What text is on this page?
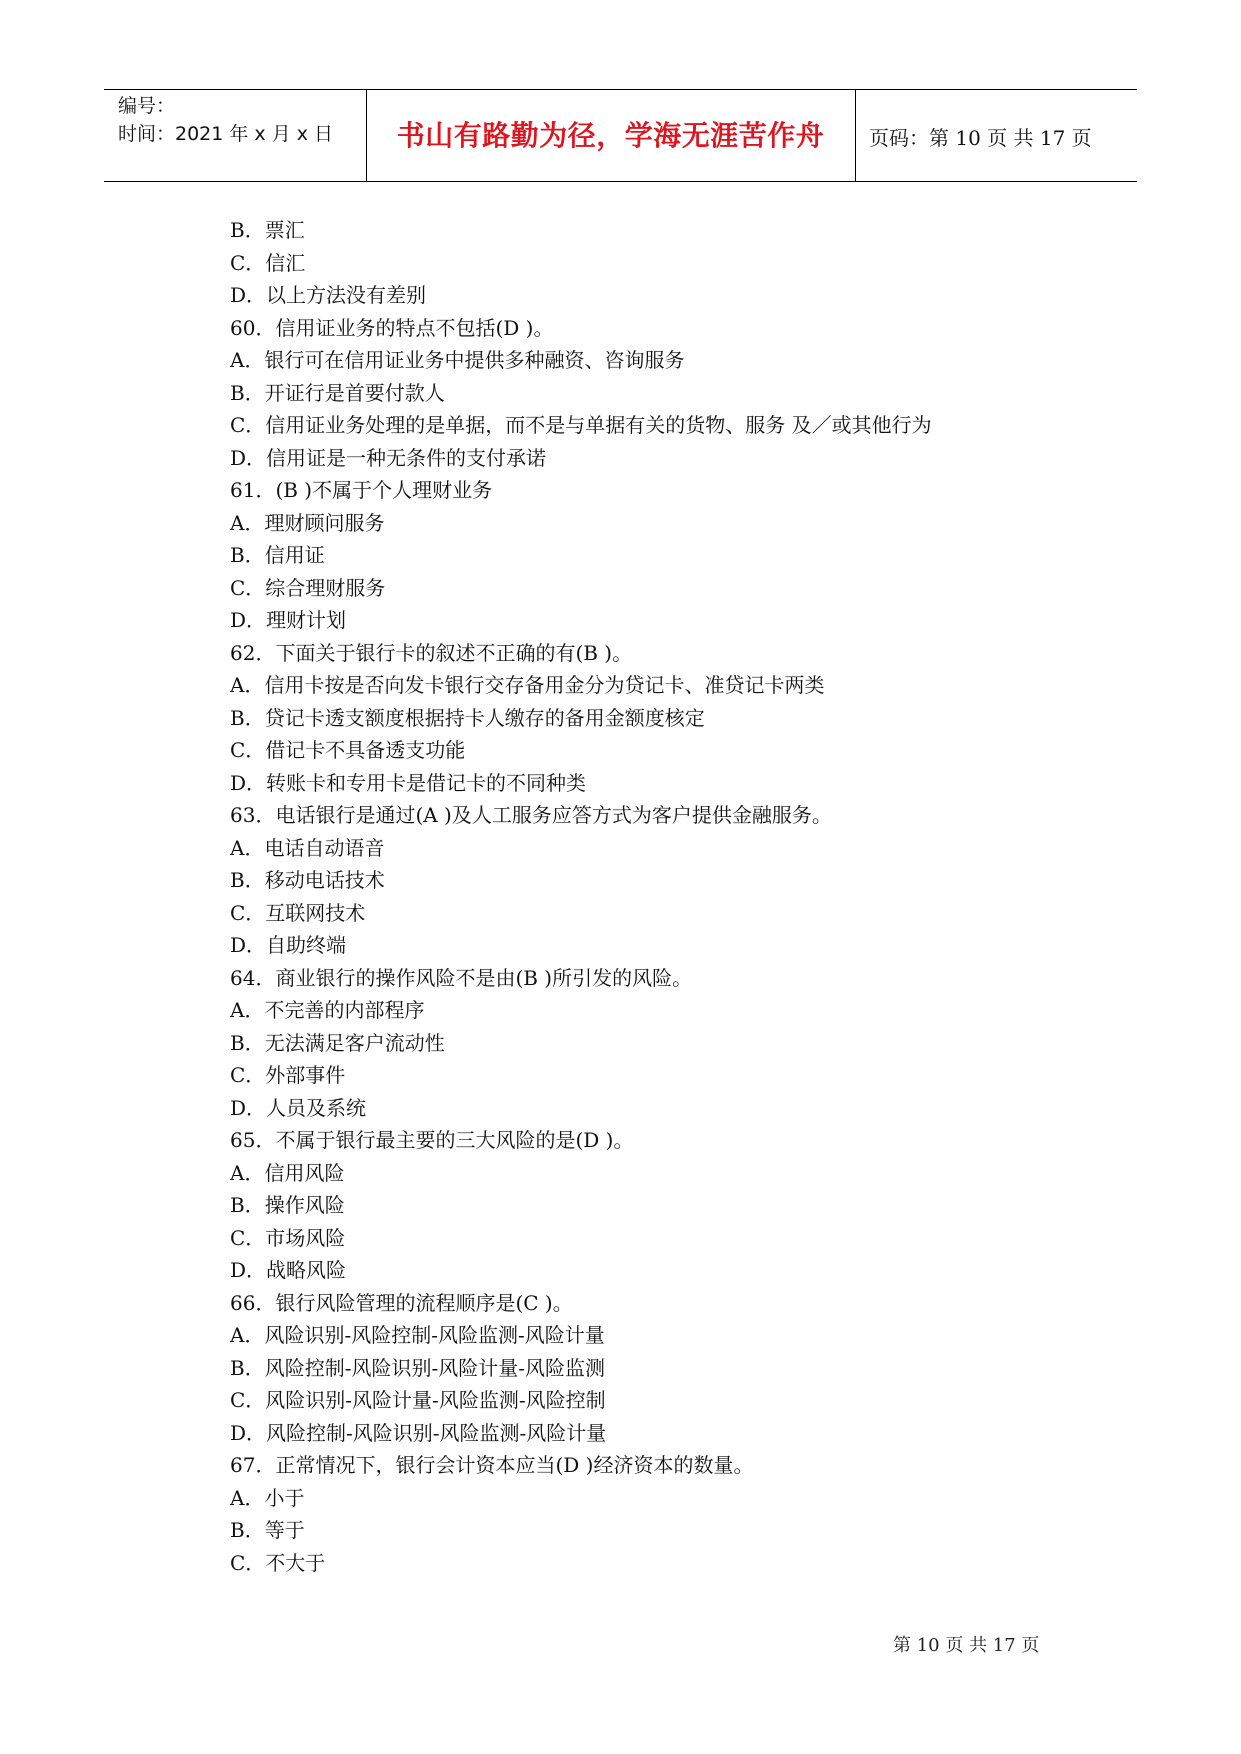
编号：
时间：2021 年 x 月 x 日	书山有路勤为径，学海无涯苦作舟	页码：第 10 页 共 17 页
B．票汇
C．信汇
D．以上方法没有差别
60．信用证业务的特点不包括(D )。
A．银行可在信用证业务中提供多种融资、咨询服务
B．开证行是首要付款人
C．信用证业务处理的是单据，而不是与单据有关的货物、服务 及／或其他行为
D．信用证是一种无条件的支付承诺
61．(B )不属于个人理财业务
A．理财顾问服务
B．信用证
C．综合理财服务
D．理财计划
62．下面关于银行卡的叙述不正确的有(B )。
A．信用卡按是否向发卡银行交存备用金分为贷记卡、准贷记卡两类
B．贷记卡透支额度根据持卡人缴存的备用金额度核定
C．借记卡不具备透支功能
D．转账卡和专用卡是借记卡的不同种类
63．电话银行是通过(A )及人工服务应答方式为客户提供金融服务。
A．电话自动语音
B．移动电话技术
C．互联网技术
D．自助终端
64．商业银行的操作风险不是由(B )所引发的风险。
A．不完善的内部程序
B．无法满足客户流动性
C．外部事件
D．人员及系统
65．不属于银行最主要的三大风险的是(D )。
A．信用风险
B．操作风险
C．市场风险
D．战略风险
66．银行风险管理的流程顺序是(C )。
A．风险识别-风险控制-风险监测-风险计量
B．风险控制-风险识别-风险计量-风险监测
C．风险识别-风险计量-风险监测-风险控制
D．风险控制-风险识别-风险监测-风险计量
67．正常情况下，银行会计资本应当(D )经济资本的数量。
A．小于
B．等于
C．不大于
第 10 页 共 17 页
